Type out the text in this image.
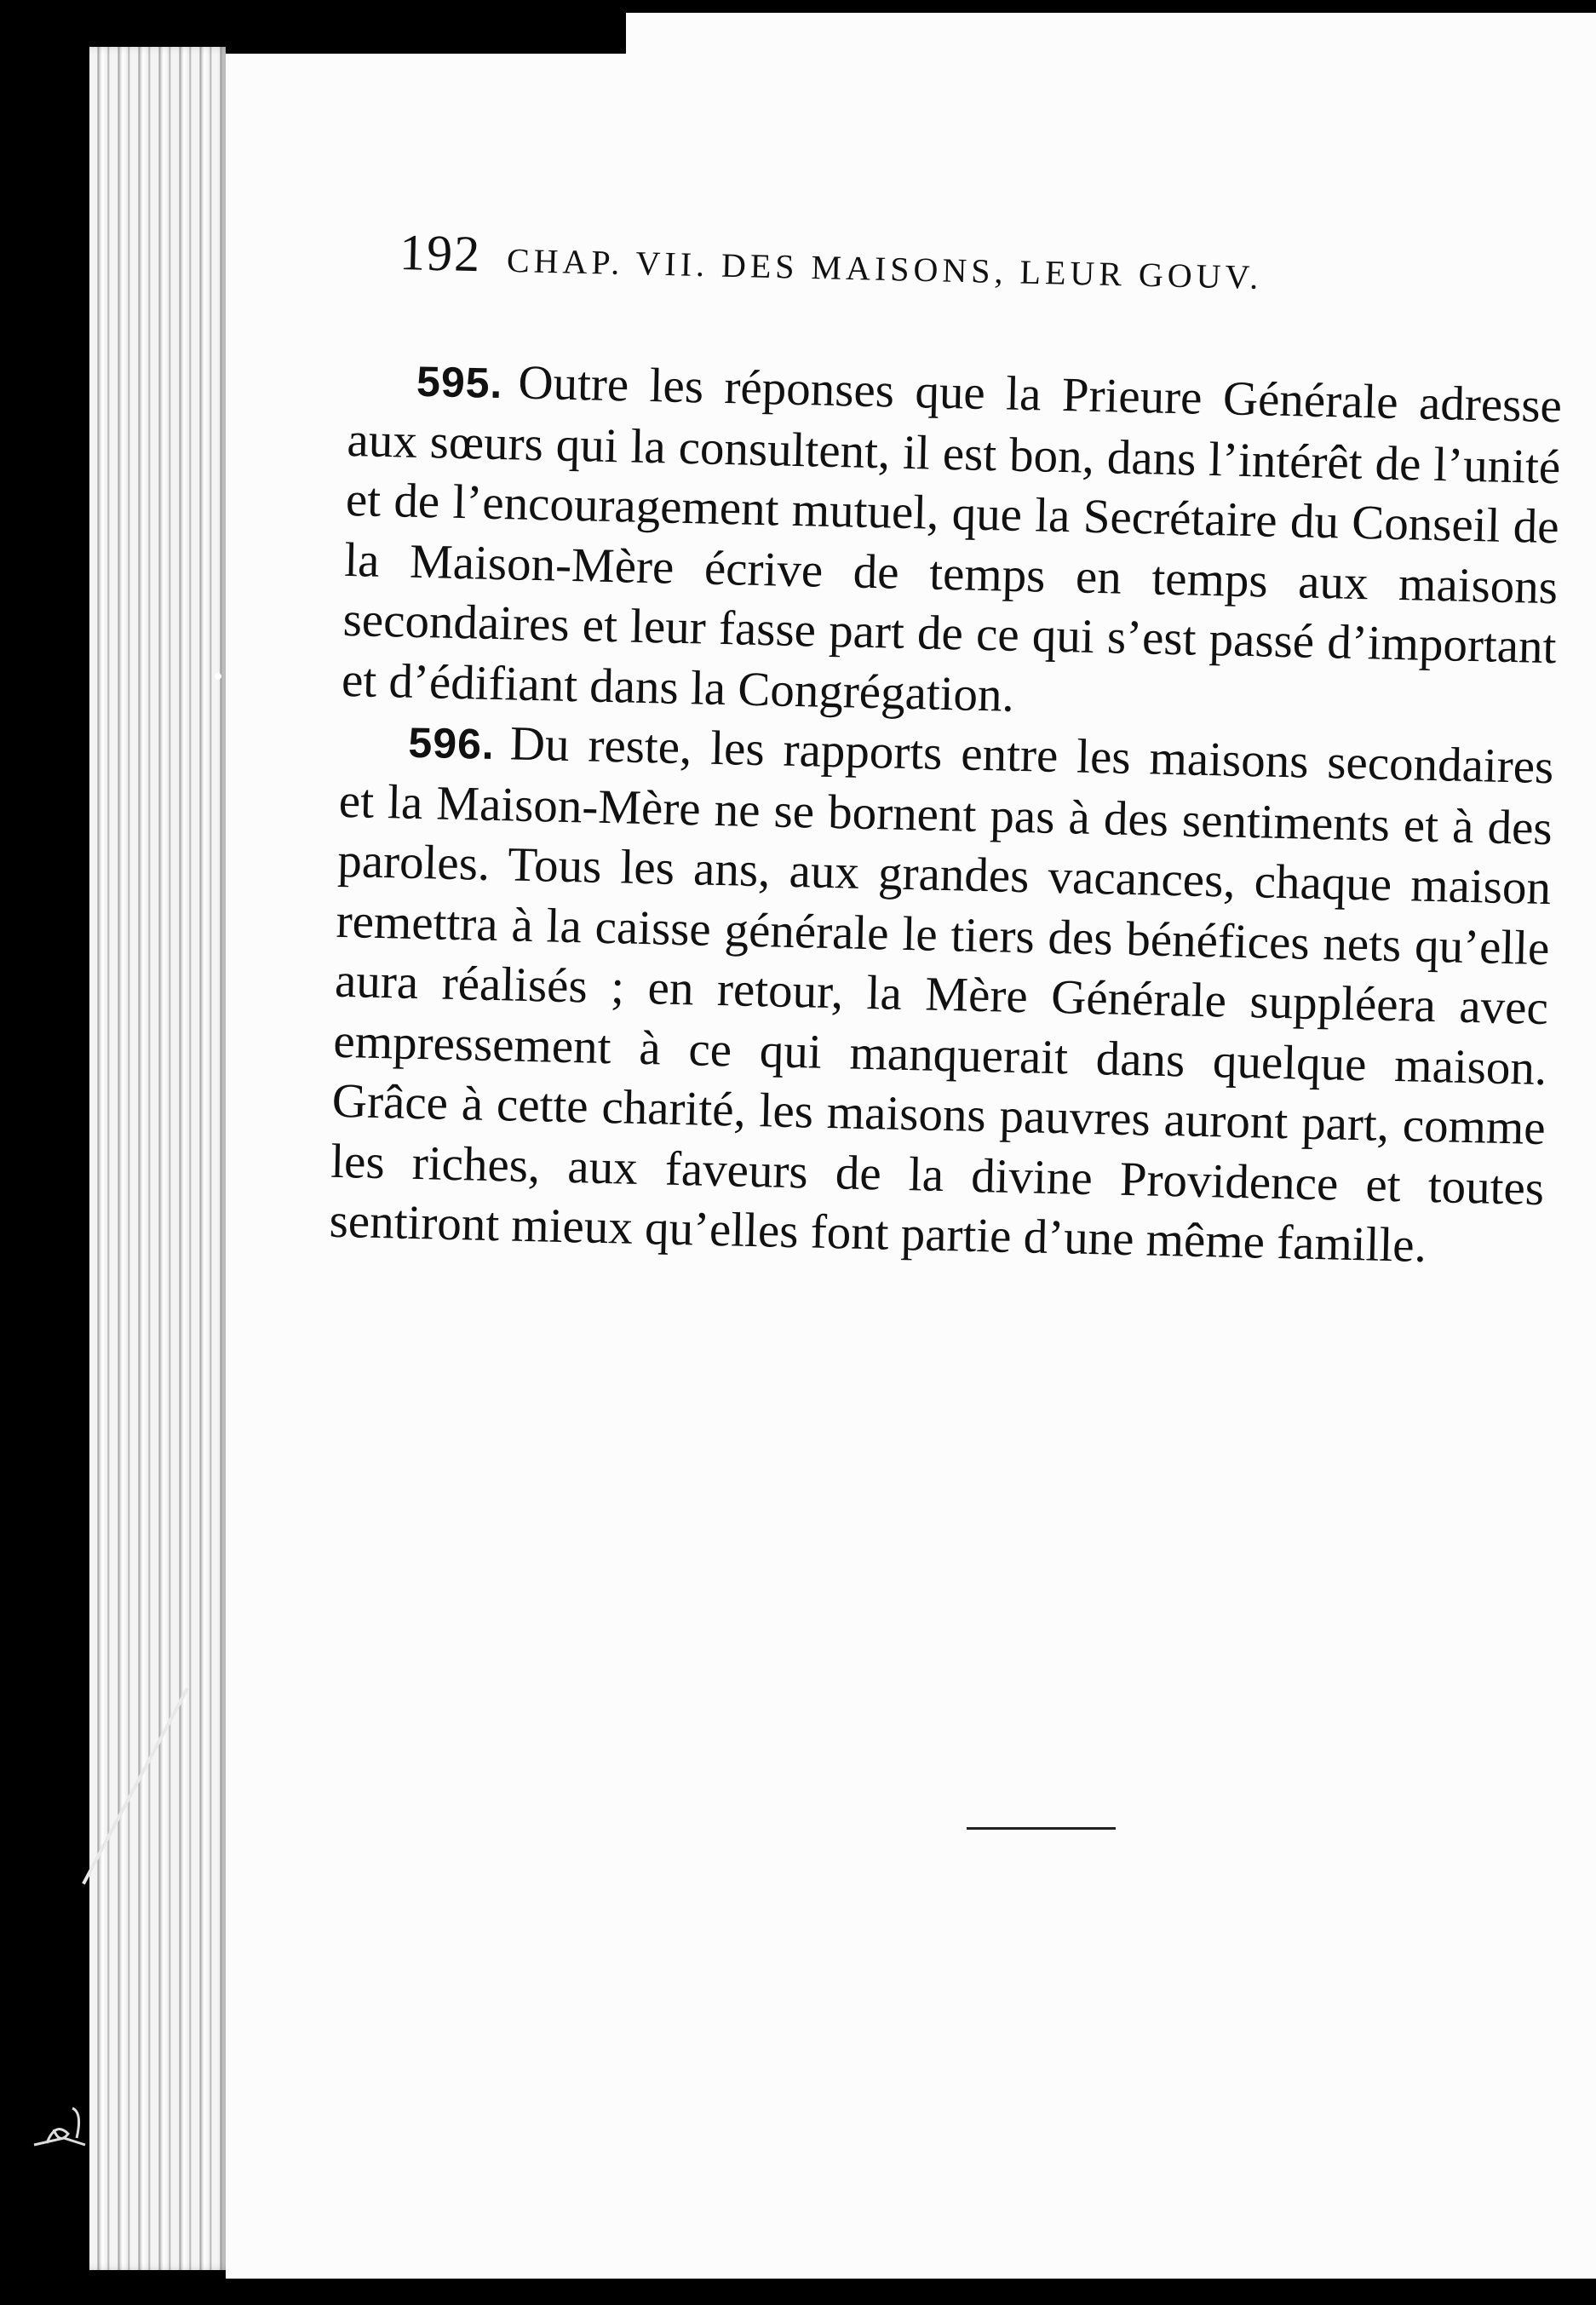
192 CHAP. VII. DES MAISONS, LEUR GOUV.

595. Outre les réponses que la Prieure Générale adresse aux sœurs qui la consultent, il est bon, dans l’intérêt de l’unité et de l’encouragement mutuel, que la Secrétaire du Conseil de la Maison-Mère écrive de temps en temps aux maisons secondaires et leur fasse part de ce qui s’est passé d’important et d’édifiant dans la Congrégation.

596. Du reste, les rapports entre les maisons secondaires et la Maison-Mère ne se bornent pas à des sentiments et à des paroles. Tous les ans, aux grandes vacances, chaque maison remettra à la caisse générale le tiers des bénéfices nets qu’elle aura réalisés ; en retour, la Mère Générale suppléera avec empressement à ce qui manquerait dans quelque maison. Grâce à cette charité, les maisons pauvres auront part, comme les riches, aux faveurs de la divine Providence et toutes sentiront mieux qu’elles font partie d’une même famille.
